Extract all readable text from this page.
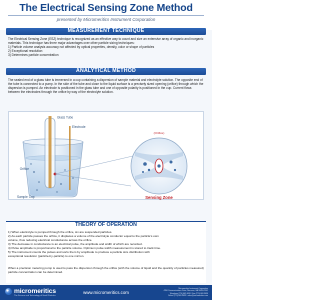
The Electrical Sensing Zone Method
presented by Micromeritics Instrument Corporation
MEASUREMENT TECHNIQUE

The Electrical Sensing Zone (ESZ) technique is recognized as an effective way to count and size an extensive array of organic and inorganic materials. This technique has three major advantages over other particle sizing techniques:

1) Particle volume analysis accuracy not affected by optical properties, density, color or shape of particles

2) Exceptional resolution

3) Determines particle concentration

ANALYTICAL METHOD

The sealed end of a glass tube is immersed in a cup containing a dispersion of sample material and electrolyte solution. The opposite end of the tube is connected to a pump. In the side of the tube and close to the liquid surface is a precisely sized opening (orifice) through which the dispersion is pumped. An electrode is positioned in the glass tube and one of opposite polarity is positioned in the cup. Current flows between the electrodes through the orifice by way of the electrolyte solution.

Glass Tube
Orifice
Electrode
Sensing Zone
(Orifice)
Sample Cup
THEORY OF OPERATION
1) When electrolyte is pumped through the orifice, six are suspended particles.
2) As each particle passes the orifice, it displaces a volume of the electrolyte conductor equal to the particle's own
volume, thus reducing electrical conductance across the orifice.
3) The decrease in conductance is an electrical pulse, the amplitude and width of which are recorded.
4) Pulse amplitude is proportional to the particle volume. Optimum pulse width measurement is stored to track time.
5) The instrument counts the pulses and sorts them by amplitude to produce a particle size distribution with
exceptional resolution (particle-by-particle) to one micron.
When a precision metering pump is used to pass the dispersion through the orifice (with the volume of liquid and the quantity of particles measured) particle concentration can be determined.
micromeritics
The Science and Technology of Small Particles
www.micromeritics.com
Micromeritics Instrument Corporation
4356 Communications Drive, Norcross, GA 30093-2901
Telephone (770) 662-3620 / Fax (770) 662-3696
Sales: (770) 662-3633 / sales@micromeritics.com
